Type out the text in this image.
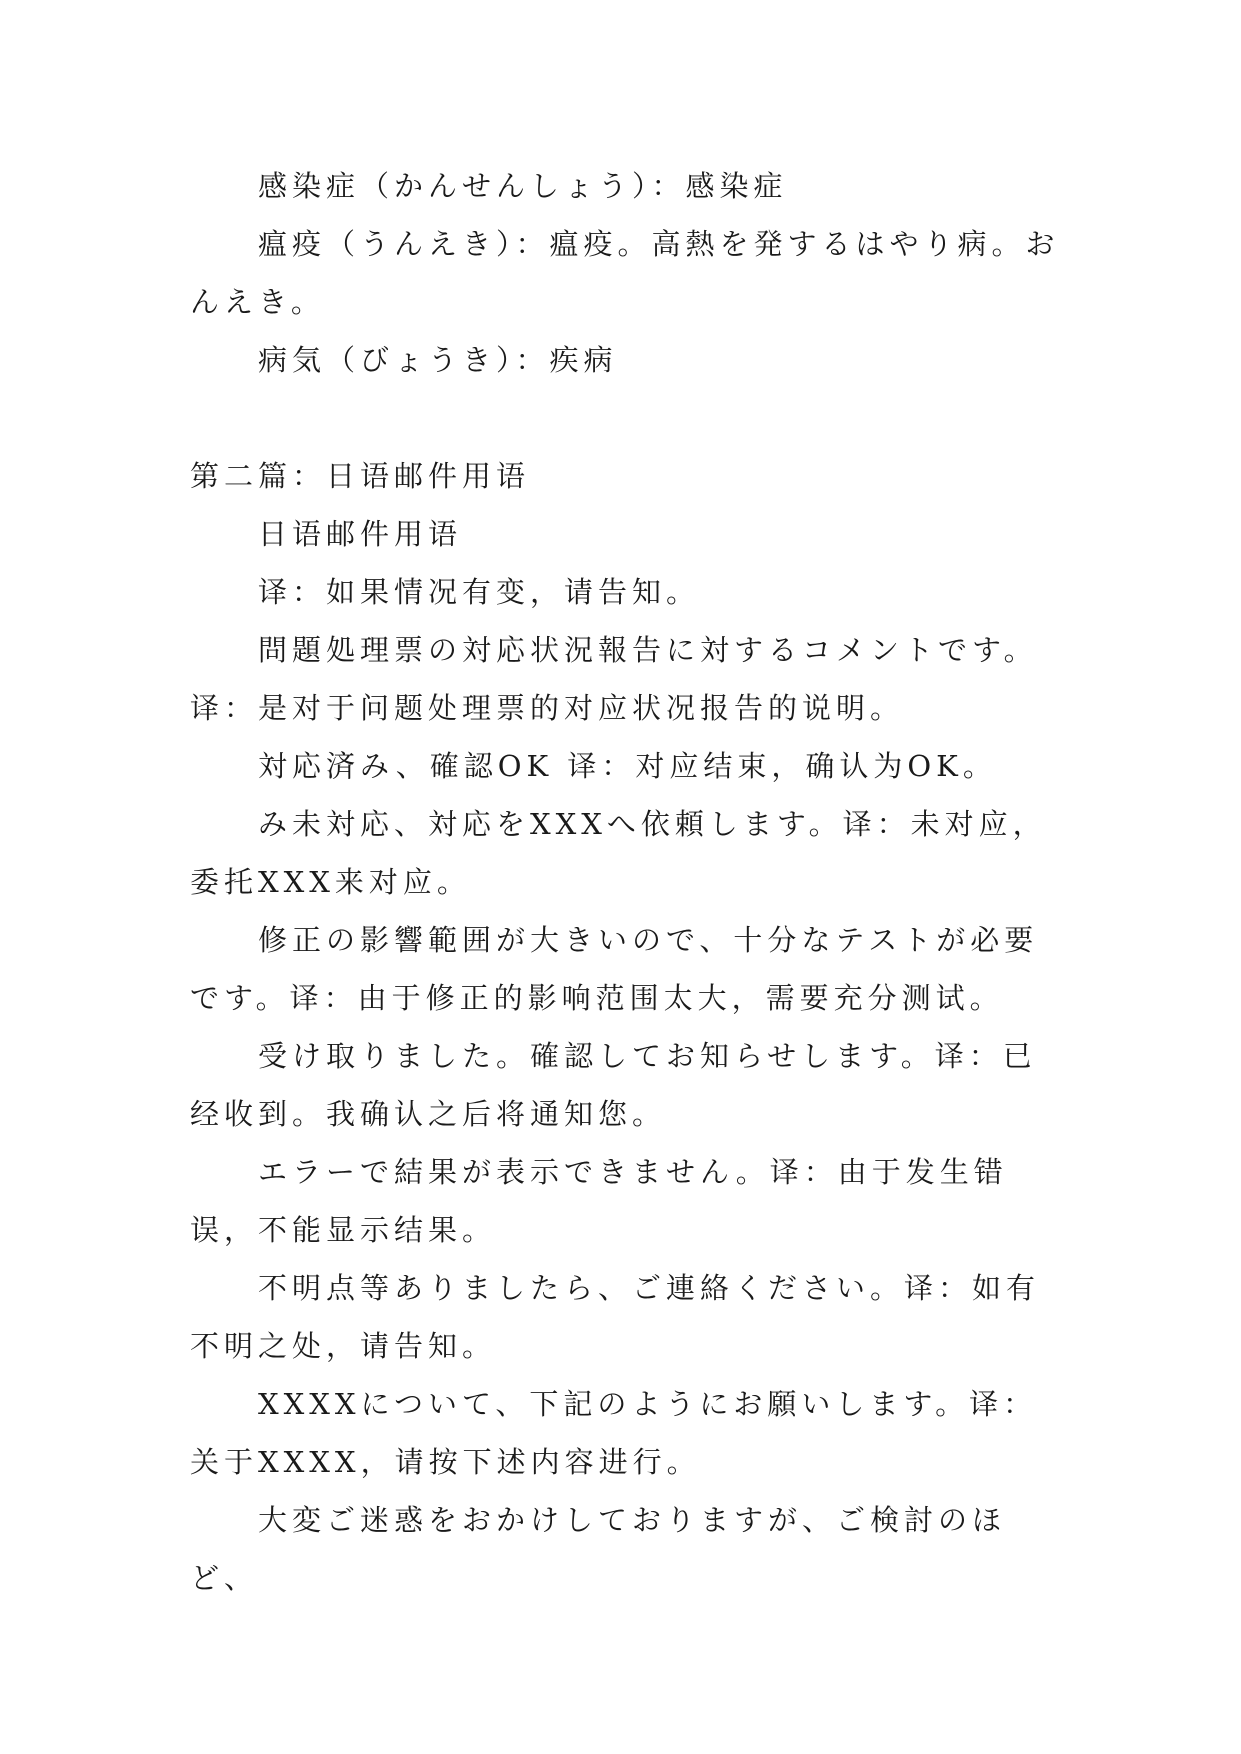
感染症（かんせんしょう）：感染症

瘟疫（うんえき）：瘟疫。高熱を発するはやり病。おんえき。

病気（びょうき）：疾病

第二篇：日语邮件用语

日语邮件用语

译：如果情况有变，请告知。

問題処理票の対応状況報告に対するコメントです。译：是对于问题处理票的对应状况报告的说明。

対応済み、確認OK 译：对应结束，确认为OK。

み未対応、対応をXXXへ依頼します。译：未对应，委托XXX来对应。

修正の影響範囲が大きいので、十分なテストが必要です。译：由于修正的影响范围太大，需要充分测试。

受け取りました。確認してお知らせします。译：已经收到。我确认之后将通知您。

エラーで結果が表示できません。译：由于发生错误，不能显示结果。

不明点等ありましたら、ご連絡ください。译：如有不明之处，请告知。

XXXXについて、下記のようにお願いします。译：关于XXXX，请按下述内容进行。

大変ご迷惑をおかけしておりますが、ご検討のほど、
